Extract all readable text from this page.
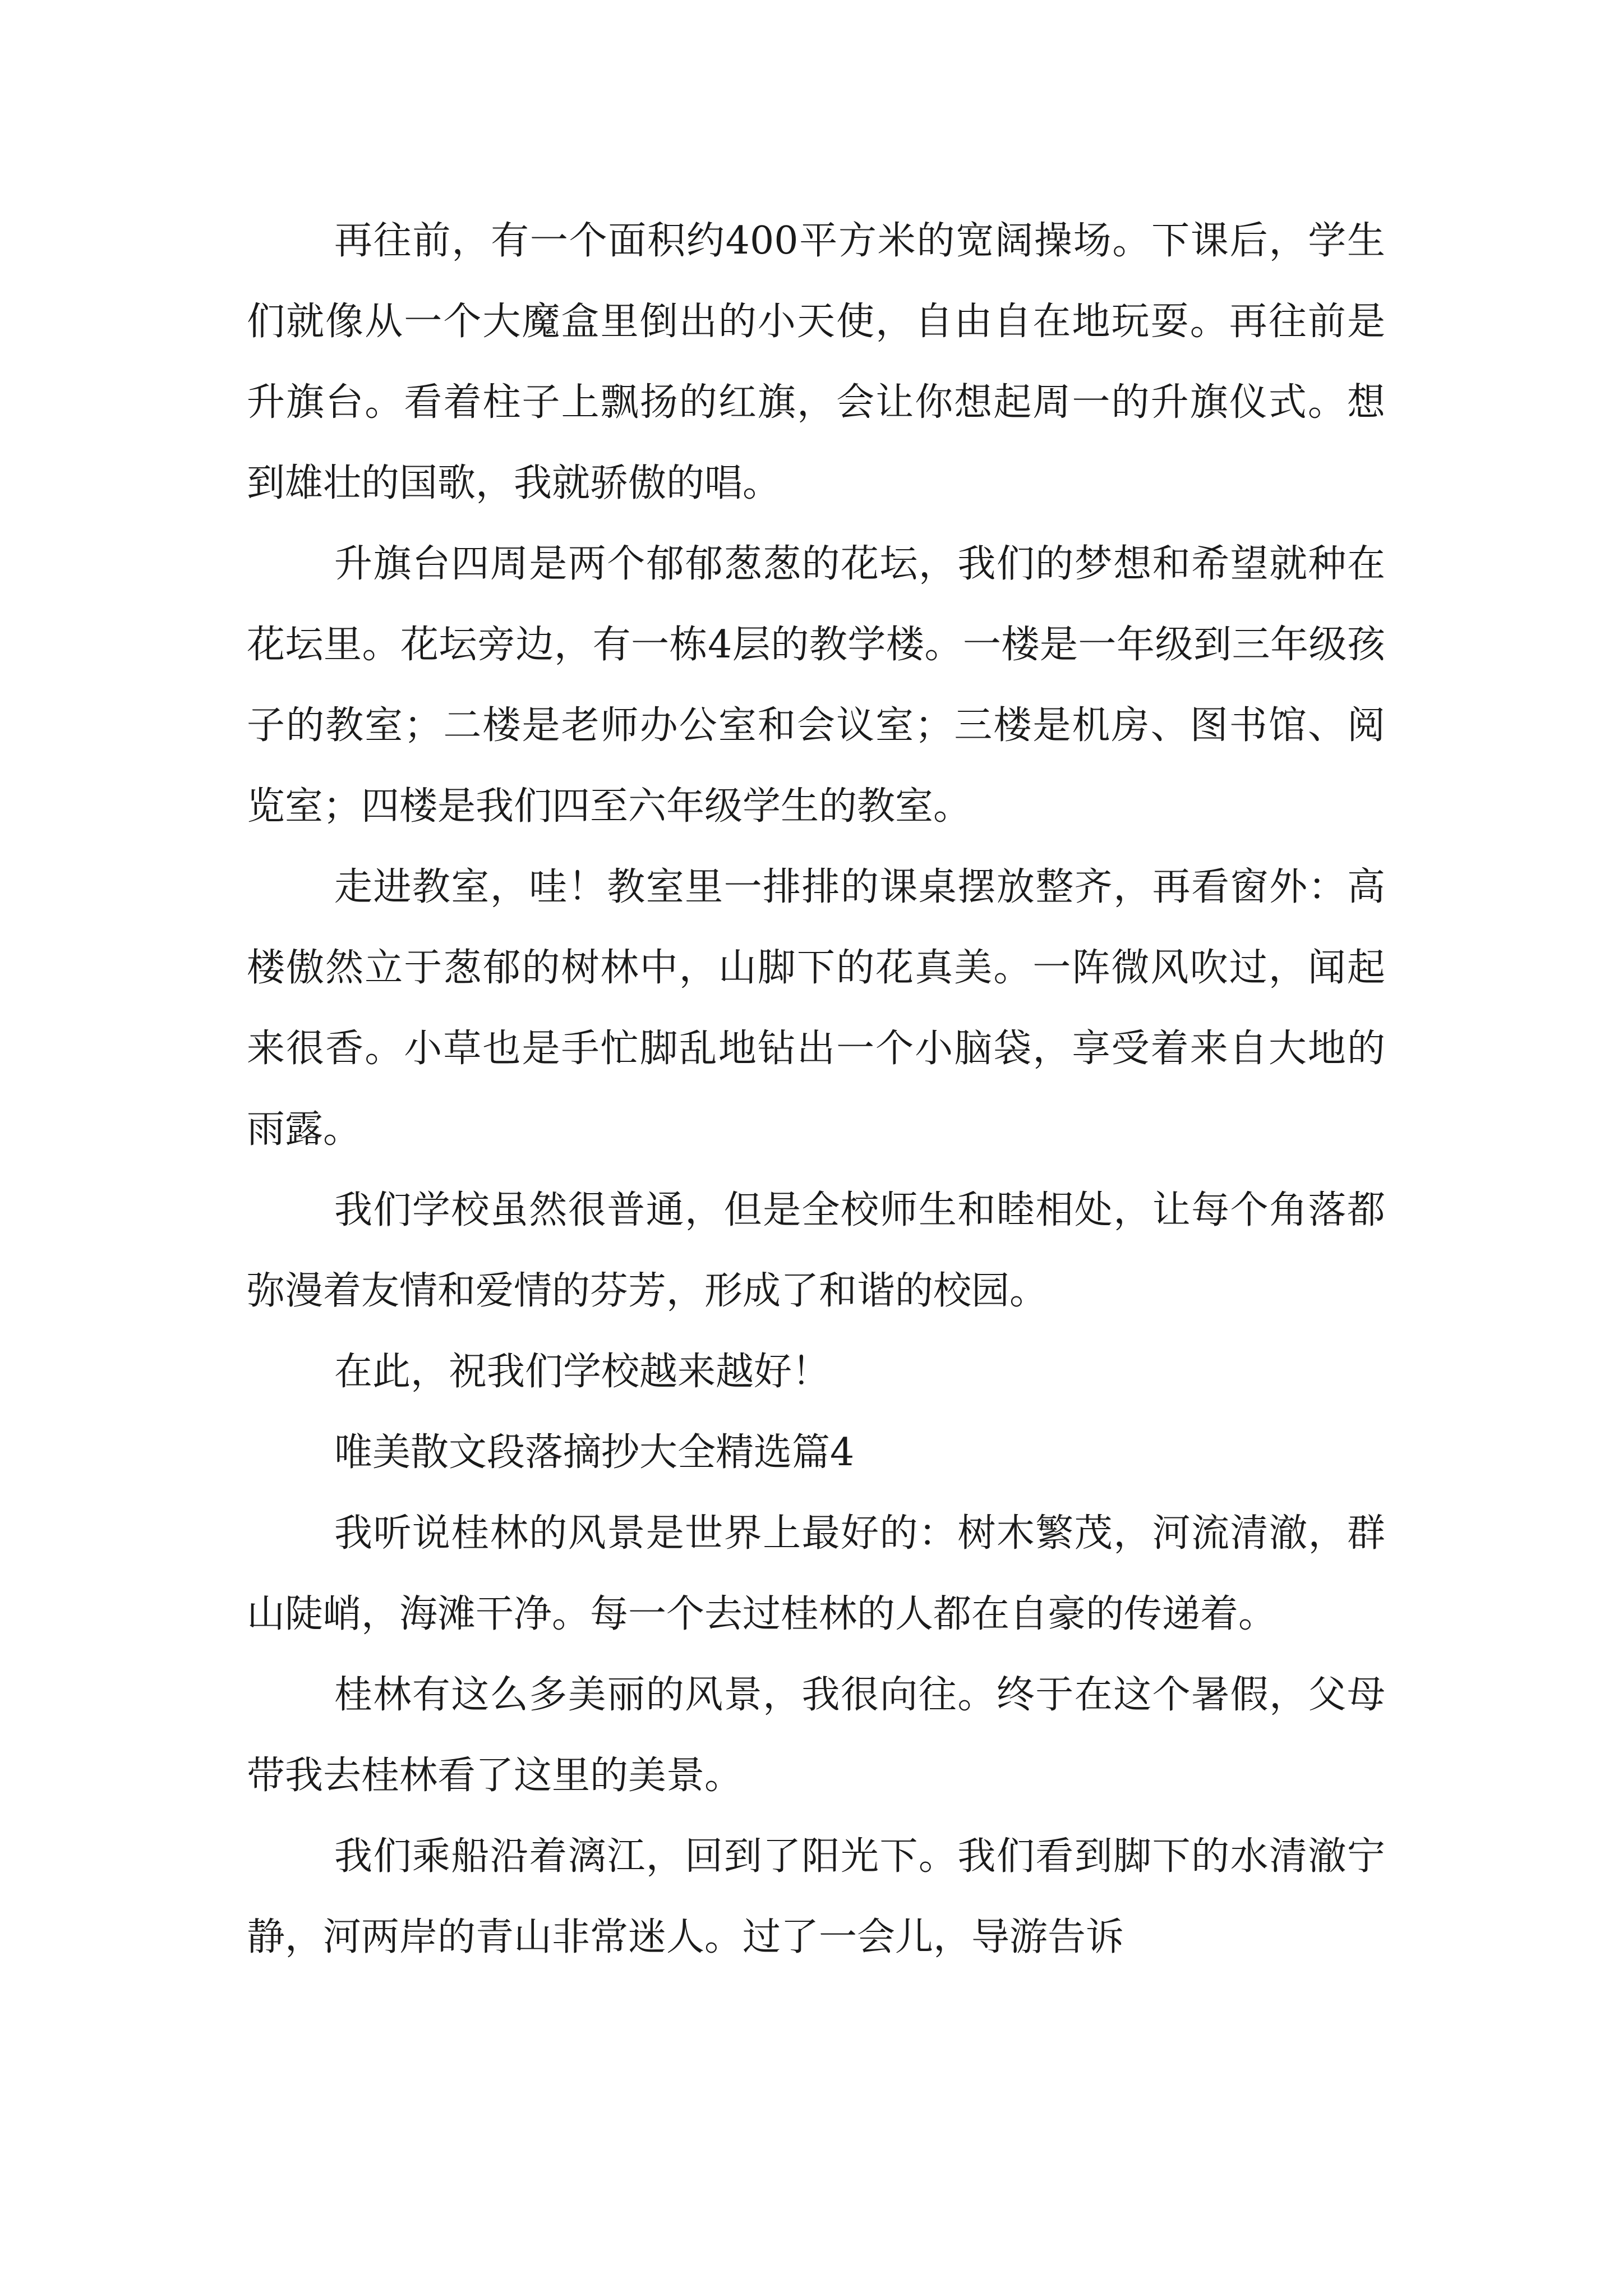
再往前，有一个面积约400平方米的宽阔操场。下课后，学生们就像从一个大魔盒里倒出的小天使，自由自在地玩耍。再往前是升旗台。看着柱子上飘扬的红旗，会让你想起周一的升旗仪式。想到雄壮的国歌，我就骄傲的唱。

升旗台四周是两个郁郁葱葱的花坛，我们的梦想和希望就种在花坛里。花坛旁边，有一栋4层的教学楼。一楼是一年级到三年级孩子的教室；二楼是老师办公室和会议室；三楼是机房、图书馆、阅览室；四楼是我们四至六年级学生的教室。

走进教室，哇！教室里一排排的课桌摆放整齐，再看窗外：高楼傲然立于葱郁的树林中，山脚下的花真美。一阵微风吹过，闻起来很香。小草也是手忙脚乱地钻出一个小脑袋，享受着来自大地的雨露。

我们学校虽然很普通，但是全校师生和睦相处，让每个角落都弥漫着友情和爱情的芬芳，形成了和谐的校园。

在此，祝我们学校越来越好！

唯美散文段落摘抄大全精选篇4

我听说桂林的风景是世界上最好的：树木繁茂，河流清澈，群山陡峭，海滩干净。每一个去过桂林的人都在自豪的传递着。

桂林有这么多美丽的风景，我很向往。终于在这个暑假，父母带我去桂林看了这里的美景。

我们乘船沿着漓江，回到了阳光下。我们看到脚下的水清澈宁静，河两岸的青山非常迷人。过了一会儿，导游告诉
